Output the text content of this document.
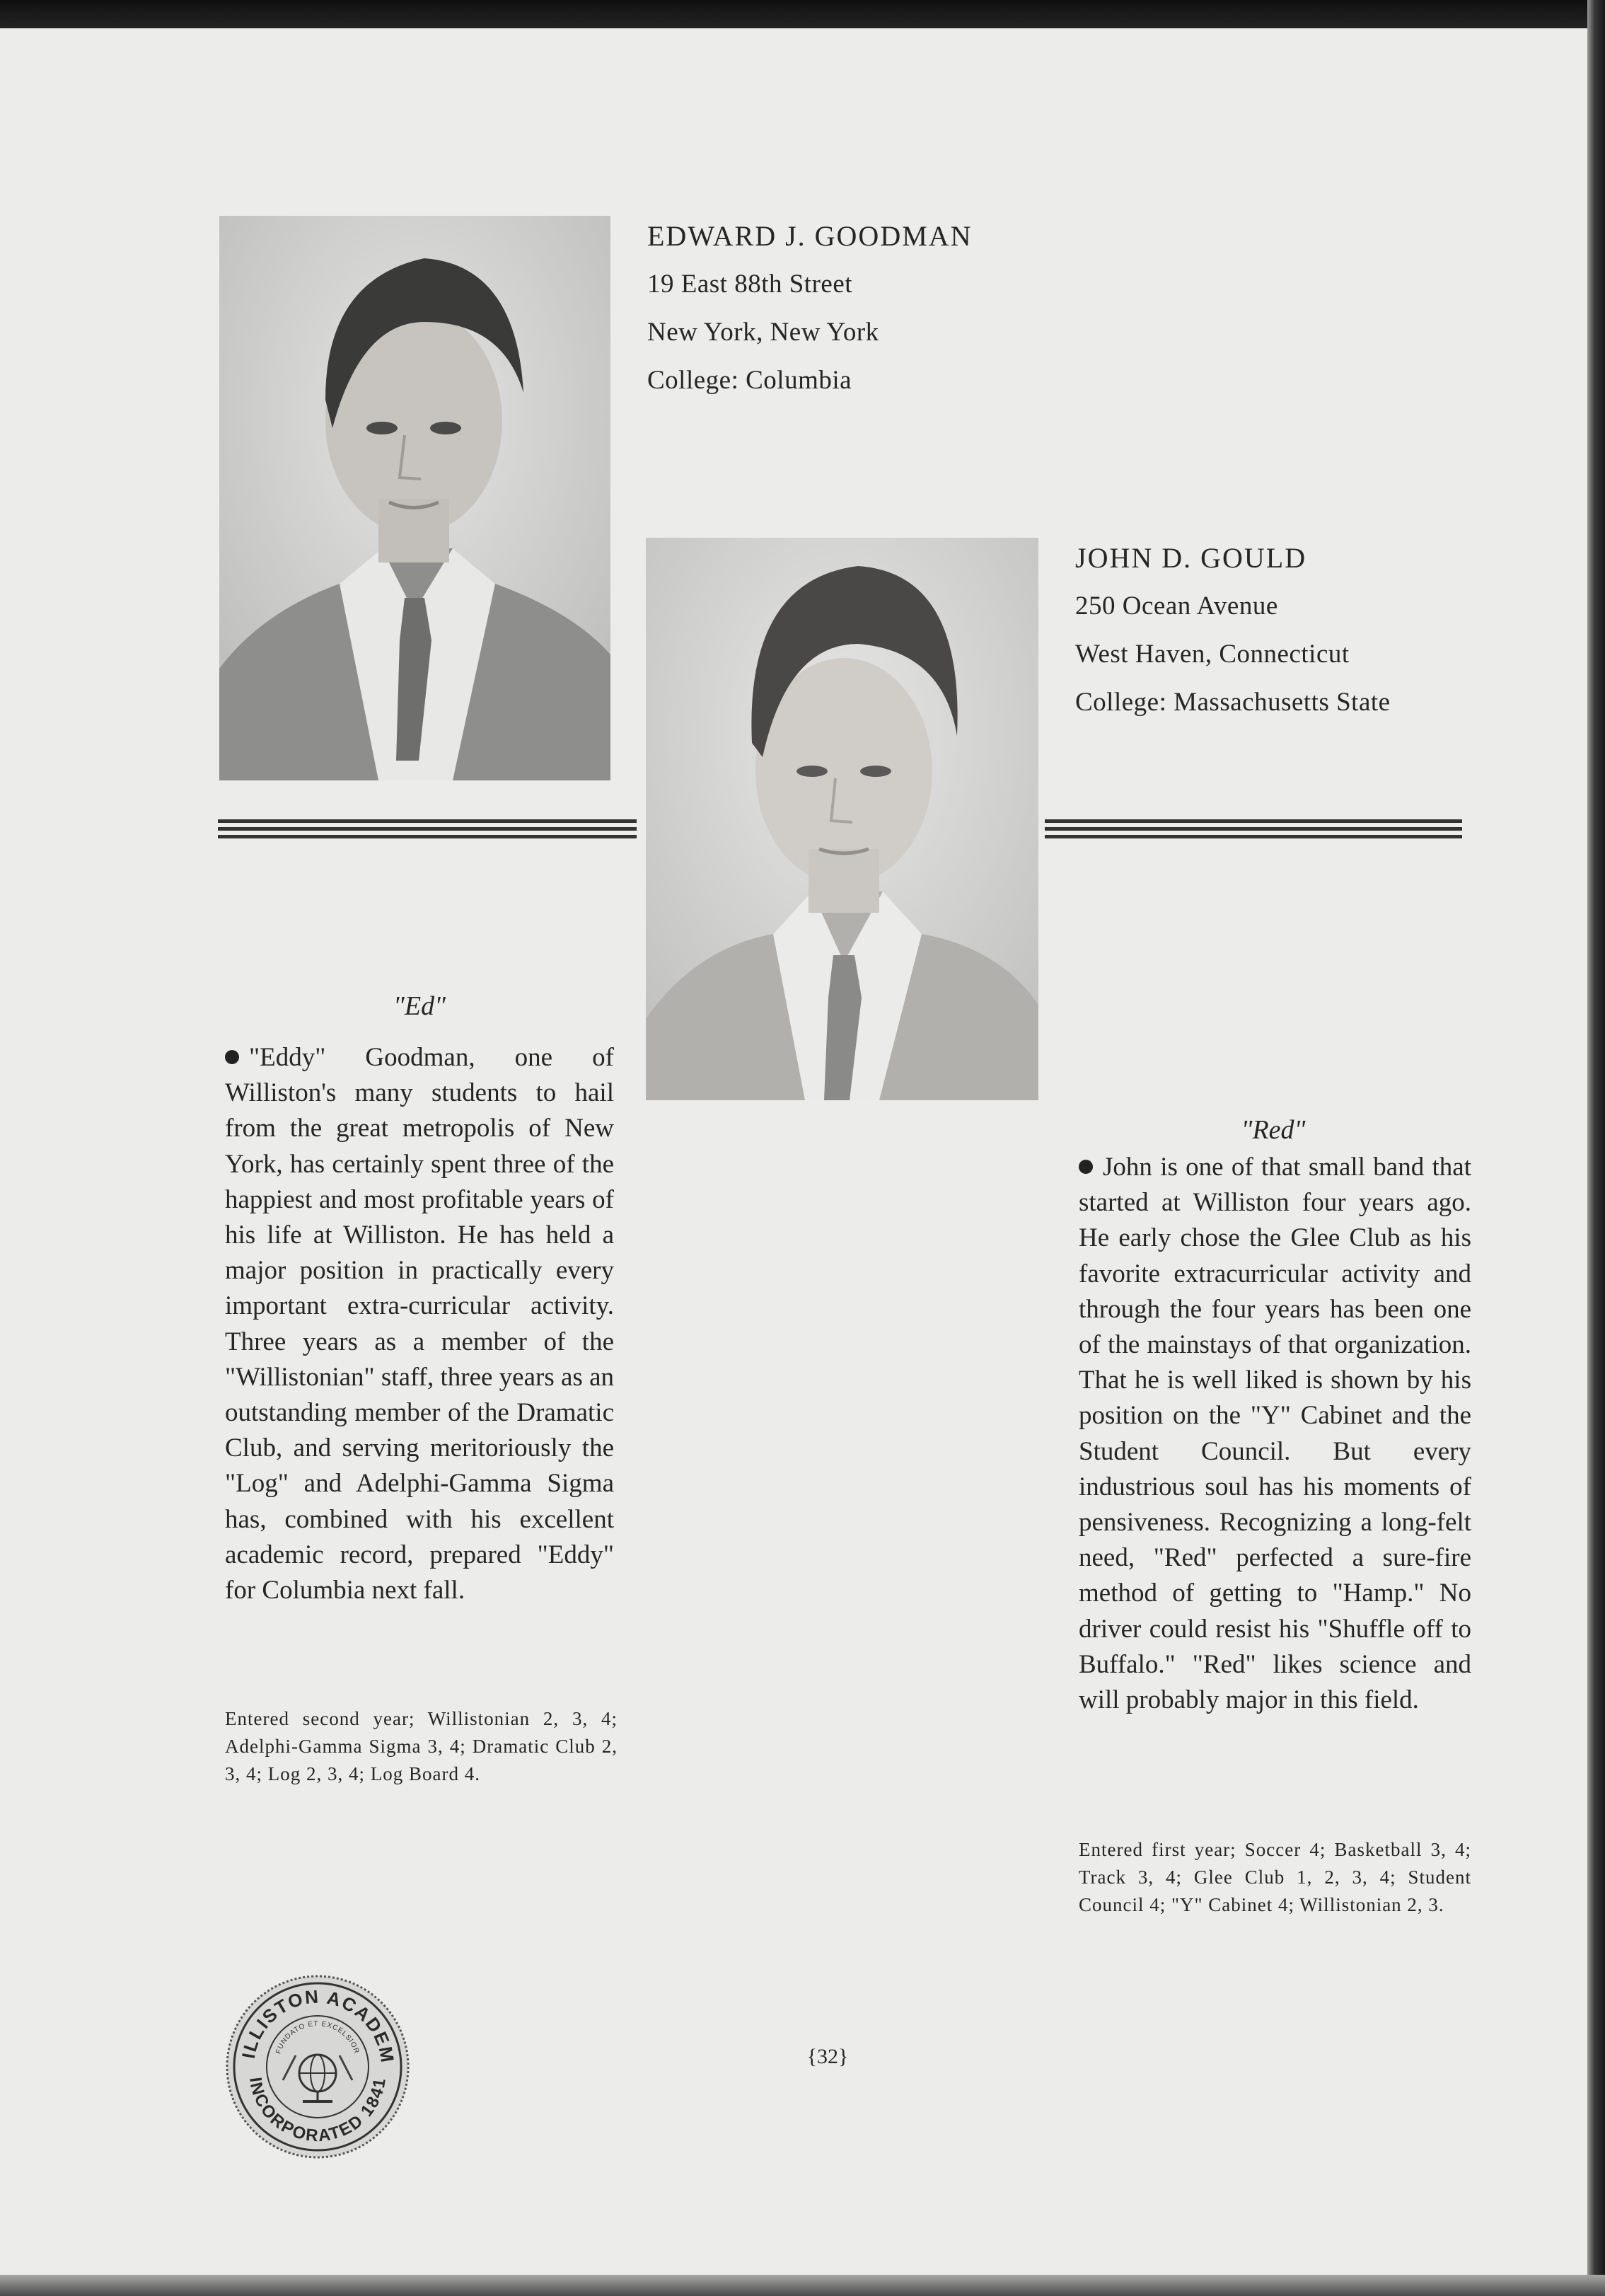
EDWARD J. GOODMAN
19 East 88th Street
New York, New York
College: Columbia
JOHN D. GOULD
250 Ocean Avenue
West Haven, Connecticut
College: Massachusetts State
"Ed"
"Eddy" Goodman, one of Williston's many students to hail from the great metropolis of New York, has certainly spent three of the happiest and most profitable years of his life at Williston. He has held a major position in practically every important extra-curricular activity. Three years as a member of the "Willistonian" staff, three years as an outstanding member of the Dramatic Club, and serving meritoriously the "Log" and Adelphi-Gamma Sigma has, combined with his excellent academic record, prepared "Eddy" for Columbia next fall.
Entered second year; Willistonian 2, 3, 4; Adelphi-Gamma Sigma 3, 4; Dramatic Club 2, 3, 4; Log 2, 3, 4; Log Board 4.
"Red"
John is one of that small band that started at Williston four years ago. He early chose the Glee Club as his favorite extracurricular activity and through the four years has been one of the mainstays of that organization. That he is well liked is shown by his position on the "Y" Cabinet and the Student Council. But every industrious soul has his moments of pensiveness. Recognizing a long-felt need, "Red" perfected a sure-fire method of getting to "Hamp." No driver could resist his "Shuffle off to Buffalo." "Red" likes science and will probably major in this field.
Entered first year; Soccer 4; Basketball 3, 4; Track 3, 4; Glee Club 1, 2, 3, 4; Student Council 4; "Y" Cabinet 4; Willistonian 2, 3.
ILLISTON ACADEM
INCORPORATED 1841
FUNDATO ET EXCELSIOR	{32}
